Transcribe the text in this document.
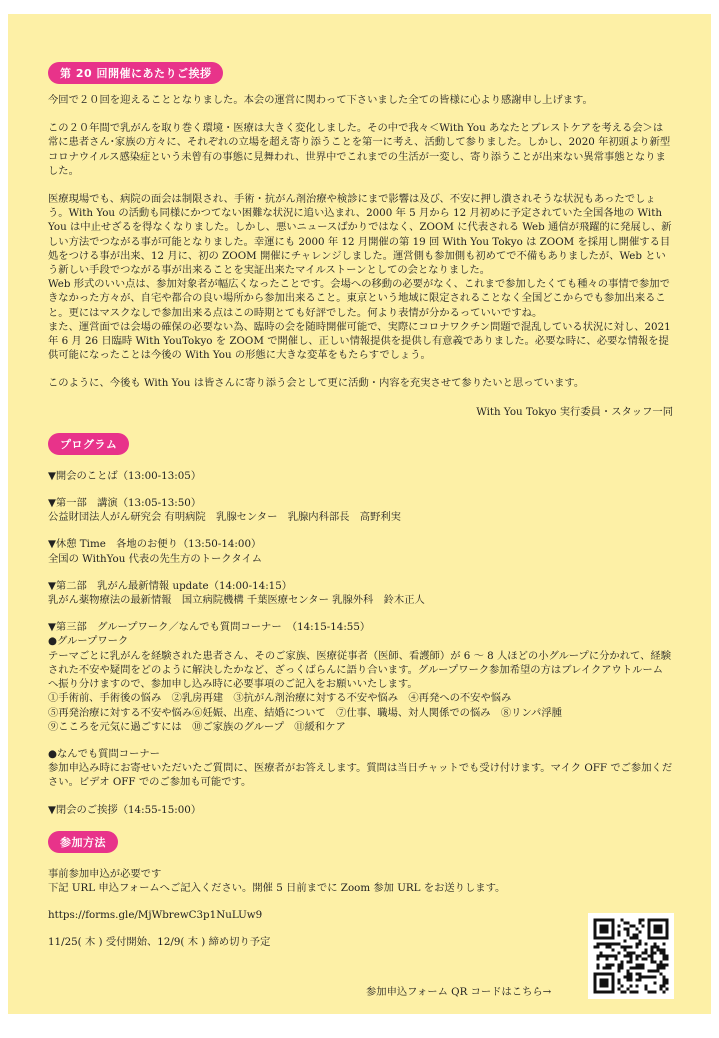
第 20 回開催にあたりご挨拶

今回で２０回を迎えることとなりました。本会の運営に関わって下さいました全ての皆様に心より感謝申し上げます。

この２０年間で乳がんを取り巻く環境・医療は大きく変化しました。その中で我々＜With You あなたとブレストケアを考える会＞は常に患者さん･家族の方々に、それぞれの立場を超え寄り添うことを第一に考え、活動して参りました。しかし、2020 年初頭より新型コロナウイルス感染症という未曾有の事態に見舞われ、世界中でこれまでの生活が一変し、寄り添うことが出来ない異常事態となりました。

医療現場でも、病院の面会は制限され、手術・抗がん剤治療や検診にまで影響は及び、不安に押し潰されそうな状況もあったでしょう。With You の活動も同様にかつてない困難な状況に追い込まれ、2000 年 5 月から 12 月初めに予定されていた全国各地の With You は中止せざるを得なくなりました。しかし、悪いニュースばかりではなく、ZOOM に代表される Web 通信が飛躍的に発展し、新しい方法でつながる事が可能となりました。幸運にも 2000 年 12 月開催の第 19 回 With You Tokyo は ZOOM を採用し開催する目処をつける事が出来、12 月に、初の ZOOM 開催にチャレンジしました。運営側も参加側も初めてで不備もありましたが、Web という新しい手段でつながる事が出来ることを実証出来たマイルストーンとしての会となりました。
Web 形式のいい点は、参加対象者が幅広くなったことです。会場への移動の必要がなく、これまで参加したくても種々の事情で参加できなかった方々が、自宅や都合の良い場所から参加出来ること。東京という地域に限定されることなく全国どこからでも参加出来ること。更にはマスクなしで参加出来る点はこの時期とても好評でした。何より表情が分かるっていいですね。
また、運営面では会場の確保の必要ない為、臨時の会を随時開催可能で、実際にコロナワクチン問題で混乱している状況に対し、2021 年 6 月 26 日臨時 With YouTokyo を ZOOM で開催し、正しい情報提供を提供し有意義でありました。必要な時に、必要な情報を提供可能になったことは今後の With You の形態に大きな変革をもたらすでしょう。

このように、今後も With You は皆さんに寄り添う会として更に活動・内容を充実させて参りたいと思っています。

With You Tokyo 実行委員・スタッフ一同

プログラム

▼開会のことば（13:00-13:05）

▼第一部　講演（13:05-13:50）

公益財団法人がん研究会 有明病院　乳腺センター　乳腺内科部長　高野利実

▼休憩 Time　各地のお便り（13:50-14:00）

全国の WithYou 代表の先生方のトークタイム

▼第二部　乳がん最新情報 update（14:00-14:15）

乳がん薬物療法の最新情報　国立病院機構 千葉医療センター 乳腺外科　鈴木正人

▼第三部　グループワーク／なんでも質問コーナー　（14:15-14:55）

●グループワーク

テーマごとに乳がんを経験された患者さん、そのご家族、医療従事者（医師、看護師）が 6 ～ 8 人ほどの小グループに分かれて、経験された不安や疑問をどのように解決したかなど、ざっくばらんに語り合います。グループワーク参加希望の方はブレイクアウトルームへ振り分けますので、参加申し込み時に必要事項のご記入をお願いいたします。

①手術前、手術後の悩み　②乳房再建　③抗がん剤治療に対する不安や悩み　④再発への不安や悩み

⑤再発治療に対する不安や悩み⑥妊娠、出産、結婚について　⑦仕事、職場、対人関係での悩み　⑧リンパ浮腫

⑨こころを元気に過ごすには　⑩ご家族のグループ　⑪緩和ケア

●なんでも質問コーナー

参加申込み時にお寄せいただいたご質問に、医療者がお答えします。質問は当日チャットでも受け付けます。マイク OFF でご参加ください。ビデオ OFF でのご参加も可能です。

▼閉会のご挨拶（14:55-15:00）

参加方法

事前参加申込が必要です

下記 URL 申込フォームへご記入ください。開催 5 日前までに Zoom 参加 URL をお送りします。

https://forms.gle/MjWbrewC3p1NuLUw9

11/25( 木 ) 受付開始、12/9( 木 ) 締め切り予定

参加申込フォーム QR コードはこちら→
